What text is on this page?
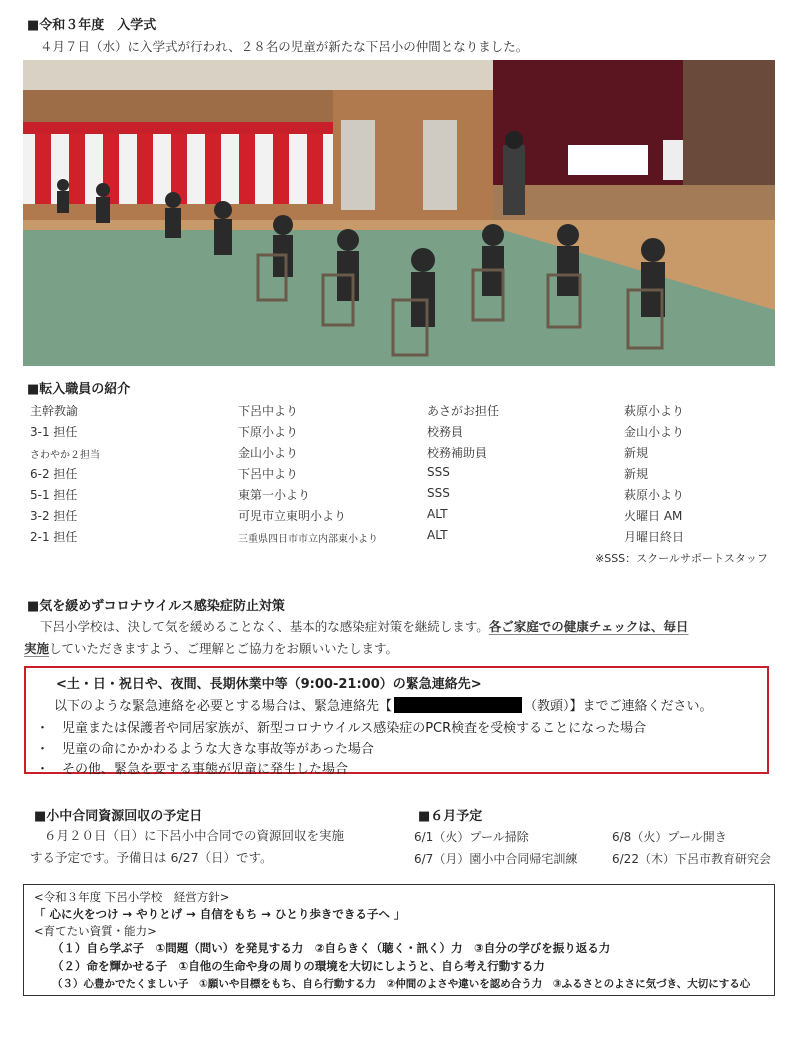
■令和３年度　入学式
４月７日（水）に入学式が行われ、２８名の児童が新たな下呂小の仲間となりました。
■転入職員の紹介
主幹教諭	下呂中より	あさがお担任	萩原小より
3-1 担任	下原小より	校務員	金山小より
さわやか２担当	金山小より	校務補助員	新規
6-2 担任	下呂中より	SSS	新規
5-1 担任	東第一小より	SSS	萩原小より
3-2 担任	可児市立東明小より	ALT	火曜日 AM
2-1 担任	三重県四日市市立内部東小より	ALT	月曜日終日
※SSS：スクールサポートスタッフ
■気を緩めずコロナウイルス感染症防止対策
下呂小学校は、決して気を緩めることなく、基本的な感染症対策を継続します。各ご家庭での健康チェックは、毎日
実施していただきますよう、ご理解とご協力をお願いいたします。
<土・日・祝日や、夜間、長期休業中等（9:00-21:00）の緊急連絡先>
以下のような緊急連絡を必要とする場合は、緊急連絡先【	（教頭）】までご連絡ください。
・　児童または保護者や同居家族が、新型コロナウイルス感染症のPCR検査を受検することになった場合
・　児童の命にかかわるような大きな事故等があった場合
・　その他、緊急を要する事態が児童に発生した場合
■小中合同資源回収の予定日
６月２０日（日）に下呂小中合同での資源回収を実施
する予定です。予備日は 6/27（日）です。
■６月予定
6/1（火）プール掃除	6/8（火）プール開き
6/7（月）園小中合同帰宅訓練	6/22（木）下呂市教育研究会
<令和３年度 下呂小学校　経営方針>
「 心に火をつけ → やりとげ → 自信をもち → ひとり歩きできる子へ 」
<育てたい資質・能力>
（１）自ら学ぶ子　 ①問題（問い）を発見する力　②自らきく（聴く・訊く）力　③自分の学びを振り返る力
（２）命を輝かせる子　 ①自他の生命や身の周りの環境を大切にしようと、自ら考え行動する力
（３）心豊かでたくましい子　 ①願いや目標をもち、自ら行動する力　②仲間のよさや違いを認め合う力　③ふるさとのよさに気づき、大切にする心
